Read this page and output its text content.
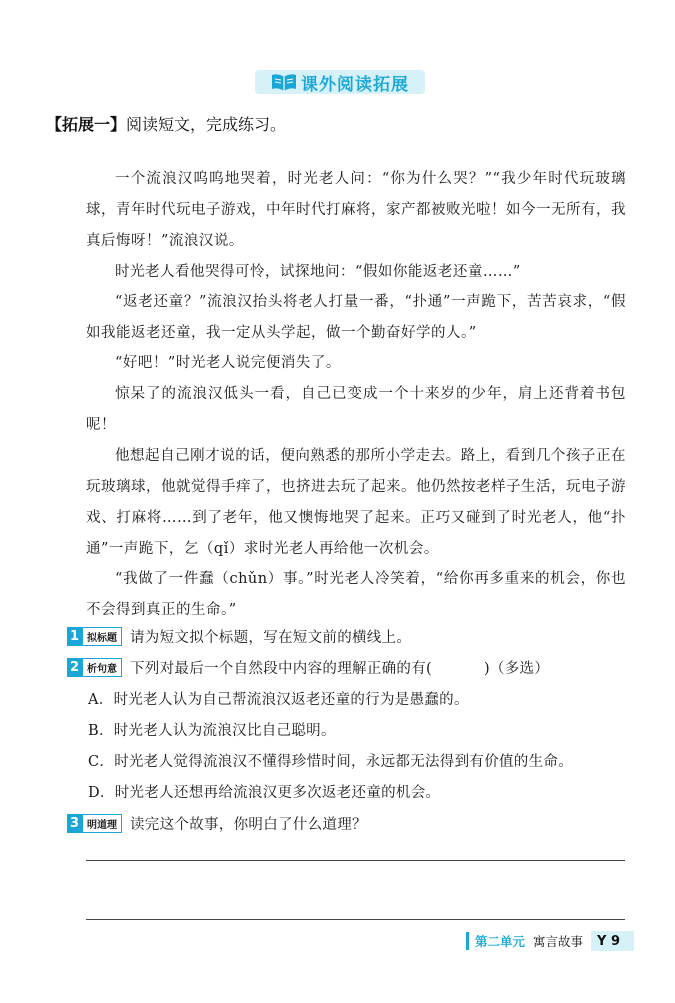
课外阅读拓展
【拓展一】阅读短文，完成练习。

一个流浪汉呜呜地哭着，时光老人问：“你为什么哭？”“我少年时代玩玻璃球，青年时代玩电子游戏，中年时代打麻将，家产都被败光啦！如今一无所有，我真后悔呀！”流浪汉说。

时光老人看他哭得可怜，试探地问：“假如你能返老还童……”

“返老还童？”流浪汉抬头将老人打量一番，“扑通”一声跪下，苦苦哀求，“假如我能返老还童，我一定从头学起，做一个勤奋好学的人。”

“好吧！”时光老人说完便消失了。

惊呆了的流浪汉低头一看，自己已变成一个十来岁的少年，肩上还背着书包呢！

他想起自己刚才说的话，便向熟悉的那所小学走去。路上，看到几个孩子正在玩玻璃球，他就觉得手痒了，也挤进去玩了起来。他仍然按老样子生活，玩电子游戏、打麻将……到了老年，他又懊悔地哭了起来。正巧又碰到了时光老人，他“扑通”一声跪下，乞（qǐ）求时光老人再给他一次机会。

“我做了一件蠢（chǔn）事。”时光老人冷笑着，“给你再多重来的机会，你也不会得到真正的生命。”

1 拟标题 请为短文拟个标题，写在短文前的横线上。
2 析句意 下列对最后一个自然段中内容的理解正确的有(	)（多选）
A．时光老人认为自己帮流浪汉返老还童的行为是愚蠢的。
B．时光老人认为流浪汉比自己聪明。
C．时光老人觉得流浪汉不懂得珍惜时间，永远都无法得到有价值的生命。
D．时光老人还想再给流浪汉更多次返老还童的机会。
3 明道理 读完这个故事，你明白了什么道理？
第二单元 寓言故事	Y 9
